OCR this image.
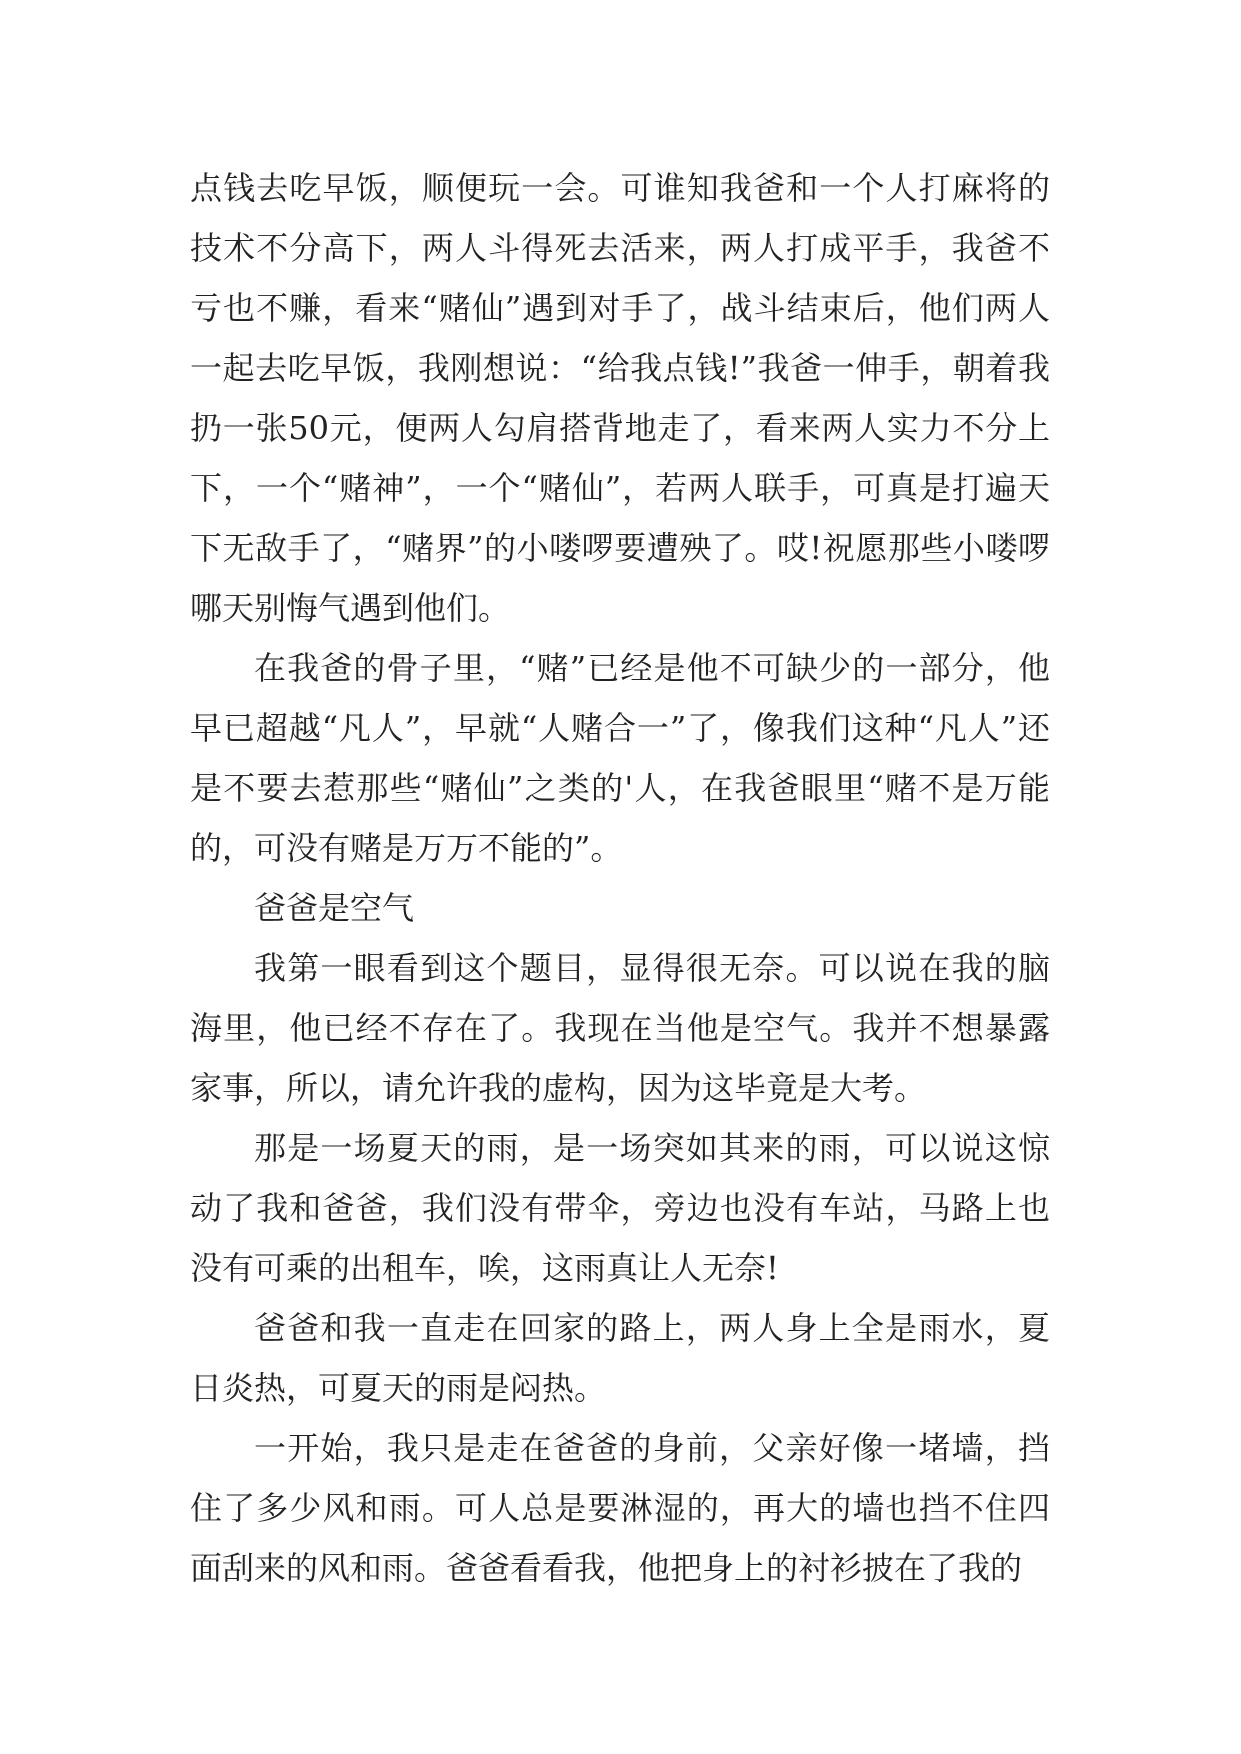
点钱去吃早饭，顺便玩一会。可谁知我爸和一个人打麻将的技术不分高下，两人斗得死去活来，两人打成平手，我爸不亏也不赚，看来“赌仙”遇到对手了，战斗结束后，他们两人一起去吃早饭，我刚想说：“给我点钱!”我爸一伸手，朝着我扔一张50元，便两人勾肩搭背地走了，看来两人实力不分上下，一个“赌神”，一个“赌仙”，若两人联手，可真是打遍天下无敌手了，“赌界”的小喽啰要遭殃了。哎!祝愿那些小喽啰哪天别悔气遇到他们。

在我爸的骨子里，“赌”已经是他不可缺少的一部分，他早已超越“凡人”，早就“人赌合一”了，像我们这种“凡人”还是不要去惹那些“赌仙”之类的'人，在我爸眼里“赌不是万能的，可没有赌是万万不能的”。

爸爸是空气

我第一眼看到这个题目，显得很无奈。可以说在我的脑海里，他已经不存在了。我现在当他是空气。我并不想暴露家事，所以，请允许我的虚构，因为这毕竟是大考。

那是一场夏天的雨，是一场突如其来的雨，可以说这惊动了我和爸爸，我们没有带伞，旁边也没有车站，马路上也没有可乘的出租车，唉，这雨真让人无奈!

爸爸和我一直走在回家的路上，两人身上全是雨水，夏日炎热，可夏天的雨是闷热。

一开始，我只是走在爸爸的身前，父亲好像一堵墙，挡住了多少风和雨。可人总是要淋湿的，再大的墙也挡不住四面刮来的风和雨。爸爸看看我，他把身上的衬衫披在了我的
